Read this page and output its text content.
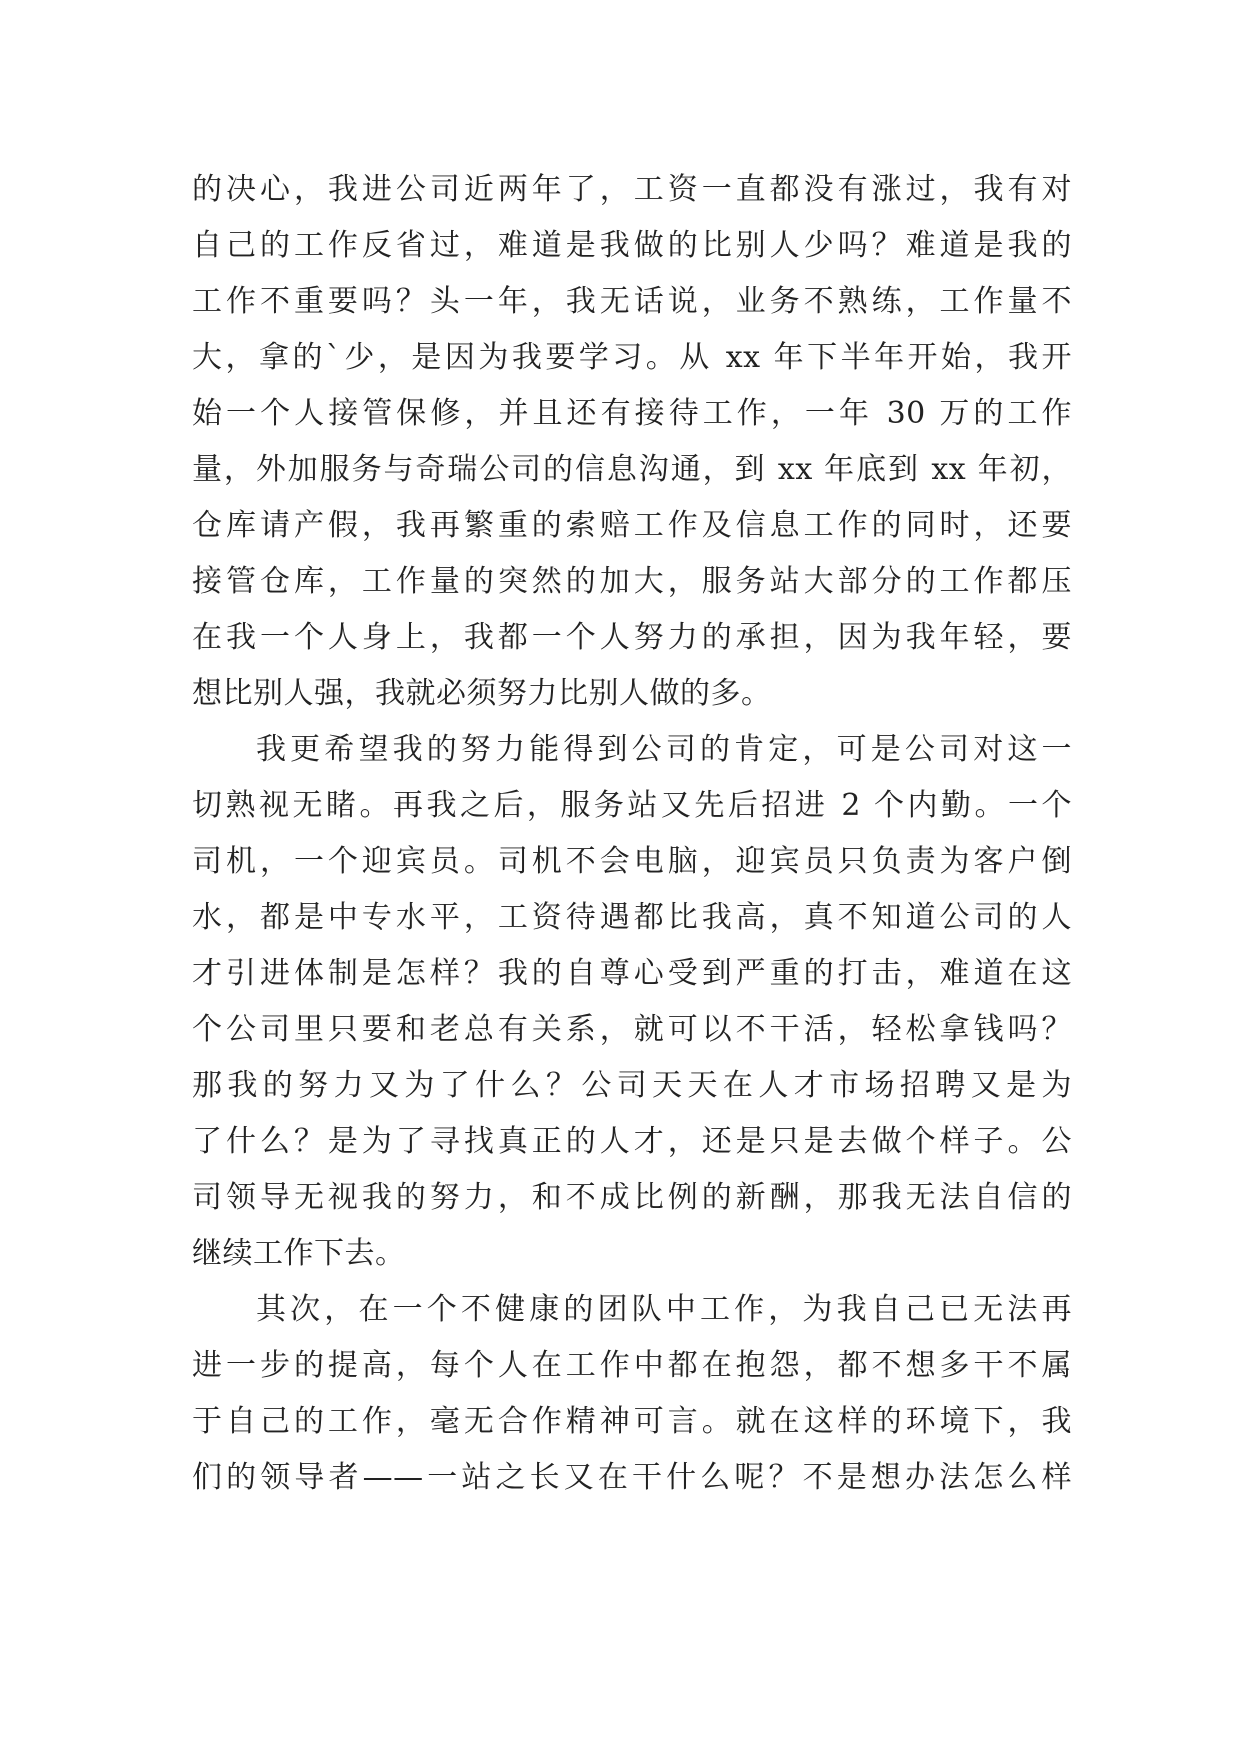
的决心，我进公司近两年了，工资一直都没有涨过，我有对
自己的工作反省过，难道是我做的比别人少吗？难道是我的
工作不重要吗？头一年，我无话说，业务不熟练，工作量不
大，拿的`少，是因为我要学习。从 xx 年下半年开始，我开
始一个人接管保修，并且还有接待工作，一年 30 万的工作
量，外加服务与奇瑞公司的信息沟通，到 xx 年底到 xx 年初，
仓库请产假，我再繁重的索赔工作及信息工作的同时，还要
接管仓库，工作量的突然的加大，服务站大部分的工作都压
在我一个人身上，我都一个人努力的承担，因为我年轻，要
想比别人强，我就必须努力比别人做的多。
我更希望我的努力能得到公司的肯定，可是公司对这一
切熟视无睹。再我之后，服务站又先后招进 2 个内勤。一个
司机，一个迎宾员。司机不会电脑，迎宾员只负责为客户倒
水，都是中专水平，工资待遇都比我高，真不知道公司的人
才引进体制是怎样？我的自尊心受到严重的打击，难道在这
个公司里只要和老总有关系，就可以不干活，轻松拿钱吗？
那我的努力又为了什么？公司天天在人才市场招聘又是为
了什么？是为了寻找真正的人才，还是只是去做个样子。公
司领导无视我的努力，和不成比例的新酬，那我无法自信的
继续工作下去。
其次，在一个不健康的团队中工作，为我自己已无法再
进一步的提高，每个人在工作中都在抱怨，都不想多干不属
于自己的工作，毫无合作精神可言。就在这样的环境下，我
们的领导者——一站之长又在干什么呢？不是想办法怎么样
